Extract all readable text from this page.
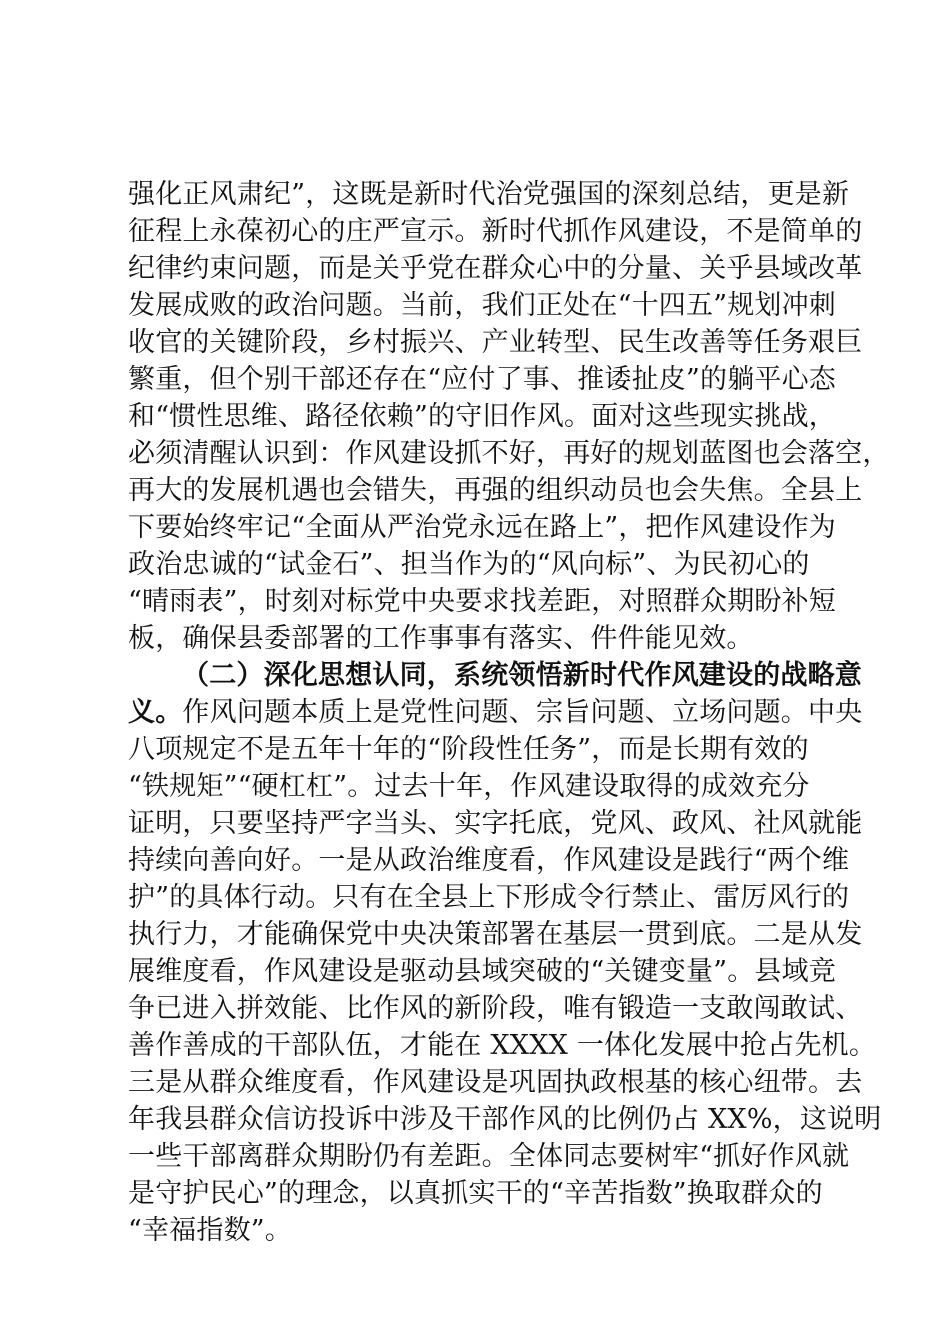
强化正风肃纪”，这既是新时代治党强国的深刻总结，更是新
征程上永葆初心的庄严宣示。新时代抓作风建设，不是简单的
纪律约束问题，而是关乎党在群众心中的分量、关乎县域改革
发展成败的政治问题。当前，我们正处在“十四五”规划冲刺
收官的关键阶段，乡村振兴、产业转型、民生改善等任务艰巨
繁重，但个别干部还存在“应付了事、推诿扯皮”的躺平心态
和“惯性思维、路径依赖”的守旧作风。面对这些现实挑战，
必须清醒认识到：作风建设抓不好，再好的规划蓝图也会落空，
再大的发展机遇也会错失，再强的组织动员也会失焦。全县上
下要始终牢记“全面从严治党永远在路上”，把作风建设作为
政治忠诚的“试金石”、担当作为的“风向标”、为民初心的
“晴雨表”，时刻对标党中央要求找差距，对照群众期盼补短
板，确保县委部署的工作事事有落实、件件能见效。
（二）深化思想认同，系统领悟新时代作风建设的战略意
义。作风问题本质上是党性问题、宗旨问题、立场问题。中央
八项规定不是五年十年的“阶段性任务”，而是长期有效的
“铁规矩”“硬杠杠”。过去十年，作风建设取得的成效充分
证明，只要坚持严字当头、实字托底，党风、政风、社风就能
持续向善向好。一是从政治维度看，作风建设是践行“两个维
护”的具体行动。只有在全县上下形成令行禁止、雷厉风行的
执行力，才能确保党中央决策部署在基层一贯到底。二是从发
展维度看，作风建设是驱动县域突破的“关键变量”。县域竞
争已进入拼效能、比作风的新阶段，唯有锻造一支敢闯敢试、
善作善成的干部队伍，才能在 XXXX 一体化发展中抢占先机。
三是从群众维度看，作风建设是巩固执政根基的核心纽带。去
年我县群众信访投诉中涉及干部作风的比例仍占 XX%，这说明
一些干部离群众期盼仍有差距。全体同志要树牢“抓好作风就
是守护民心”的理念，以真抓实干的“辛苦指数”换取群众的
“幸福指数”。
